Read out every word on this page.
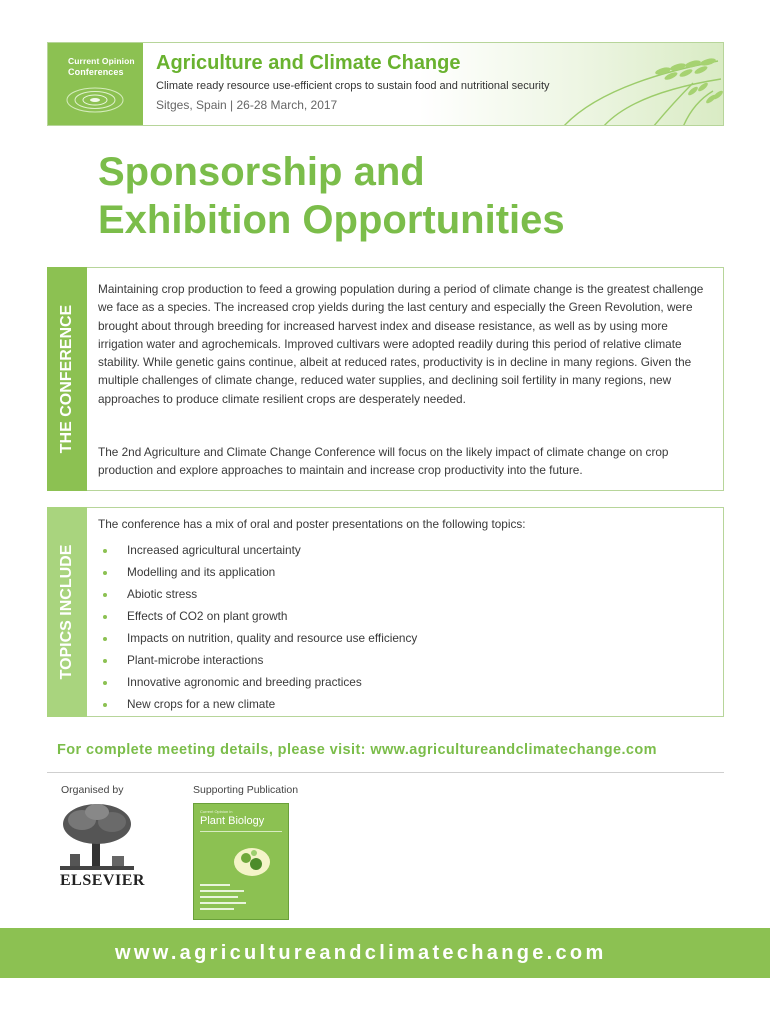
Current Opinion
Conferences Agriculture and Climate Change
Climate ready resource use-efficient crops to sustain food and nutritional security
Sitges, Spain | 26-28 March, 2017
Sponsorship and
Exhibition Opportunities
THE CONFERENCE

Maintaining crop production to feed a growing population during a period of climate change is the greatest challenge we face as a species. The increased crop yields during the last century and especially the Green Revolution, were brought about through breeding for increased harvest index and disease resistance, as well as by using more irrigation water and agrochemicals. Improved cultivars were adopted readily during this period of relative climate stability. While genetic gains continue, albeit at reduced rates, productivity is in decline in many regions. Given the multiple challenges of climate change, reduced water supplies, and declining soil fertility in many regions, new approaches to produce climate resilient crops are desperately needed.

The 2nd Agriculture and Climate Change Conference will focus on the likely impact of climate change on crop production and explore approaches to maintain and increase crop productivity into the future.

TOPICS INCLUDE
The conference has a mix of oral and poster presentations on the following topics:
Increased agricultural uncertainty
Modelling and its application
Abiotic stress
Effects of CO2 on plant growth
Impacts on nutrition, quality and resource use efficiency
Plant-microbe interactions
Innovative agronomic and breeding practices
New crops for a new climate
For complete meeting details, please visit: www.agricultureandclimatechange.com
Organised by	Supporting Publication
ELSEVIER
Current Opinion in
Plant Biology
www.agricultureandclimatechange.com
